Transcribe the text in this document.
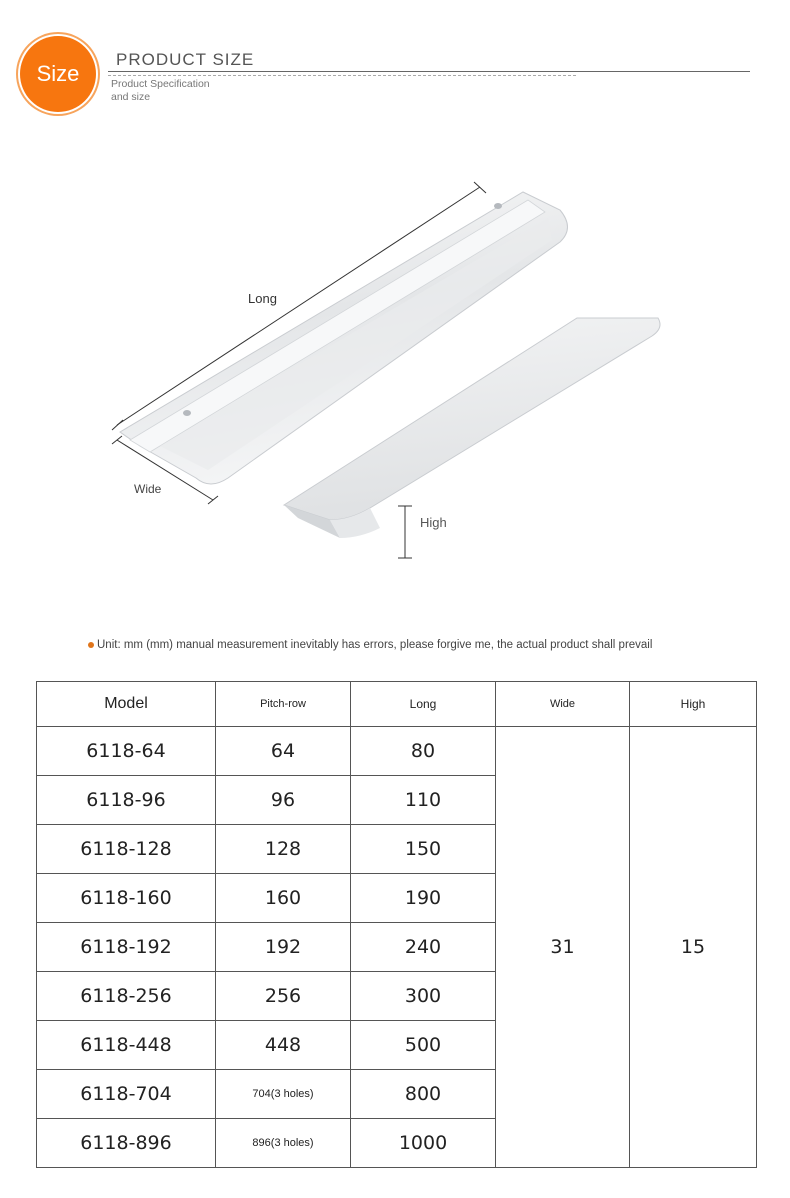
Size
PRODUCT SIZE
Product Specification
and size
Long
Wide
High
Unit: mm (mm) manual measurement inevitably has errors, please forgive me, the actual product shall prevail
Model	Pitch-row	Long	Wide	High
6118-64	64	80	31	15
6118-96	96	110		
6118-128	128	150		
6118-160	160	190		
6118-192	192	240		
6118-256	256	300		
6118-448	448	500		
6118-704	704(3 holes)	800		
6118-896	896(3 holes)	1000		
